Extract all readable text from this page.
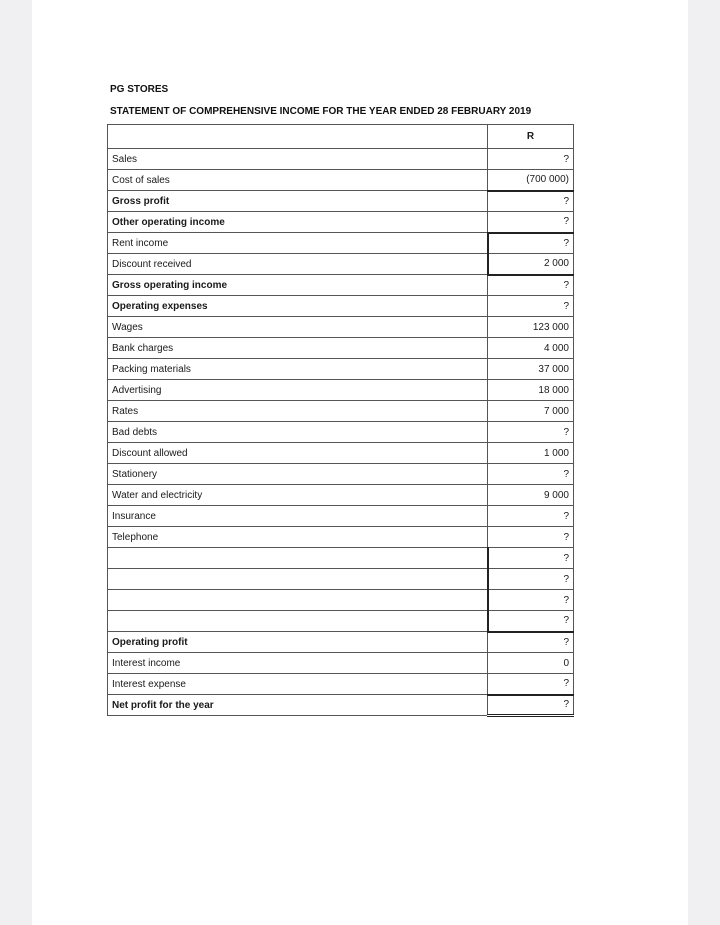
PG STORES
STATEMENT OF COMPREHENSIVE INCOME FOR THE YEAR ENDED 28 FEBRUARY 2019
	R
Sales	?
Cost of sales	(700 000)
Gross profit	?
Other operating income	?
Rent income	?
Discount received	2 000
Gross operating income	?
Operating expenses	?
Wages	123 000
Bank charges	4 000
Packing materials	37 000
Advertising	18 000
Rates	7 000
Bad debts	?
Discount allowed	1 000
Stationery	?
Water and electricity	9 000
Insurance	?
Telephone	?
	?
	?
	?
	?
Operating profit	?
Interest income	0
Interest expense	?
Net profit for the year	?
